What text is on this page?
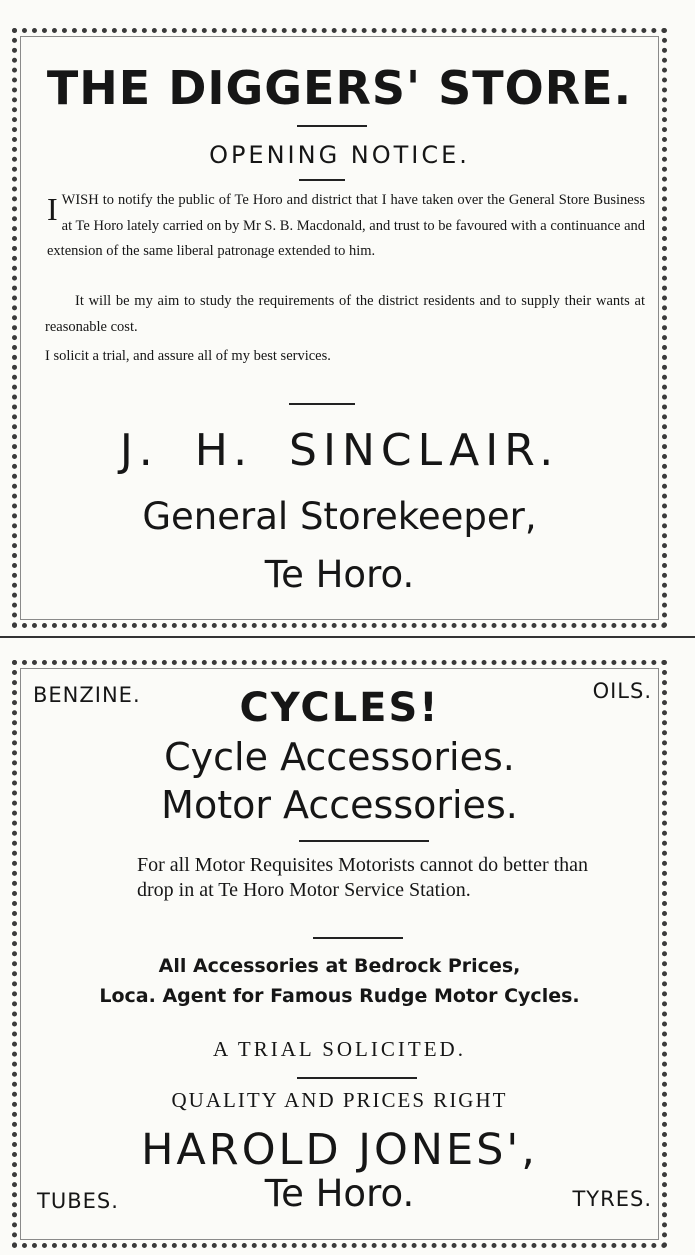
THE DIGGERS' STORE.
OPENING NOTICE.
I WISH to notify the public of Te Horo and district that I have taken over the General Store Business at Te Horo lately carried on by Mr S. B. Macdonald, and trust to be favoured with a continuance and extension of the same liberal patronage extended to him.
It will be my aim to study the requirements of the district residents and to supply their wants at reasonable cost.
I solicit a trial, and assure all of my best services.
J. H. SINCLAIR.
General Storekeeper,
Te Horo.
BENZINE.	OILS.
CYCLES!
Cycle Accessories.
Motor Accessories.
For all Motor Requisites Motorists cannot do better than drop in at Te Horo Motor Service Station.
All Accessories at Bedrock Prices,
Loca. Agent for Famous Rudge Motor Cycles.
A TRIAL SOLICITED.
QUALITY AND PRICES RIGHT
HAROLD JONES',
Te Horo.
TUBES.	TYRES.
